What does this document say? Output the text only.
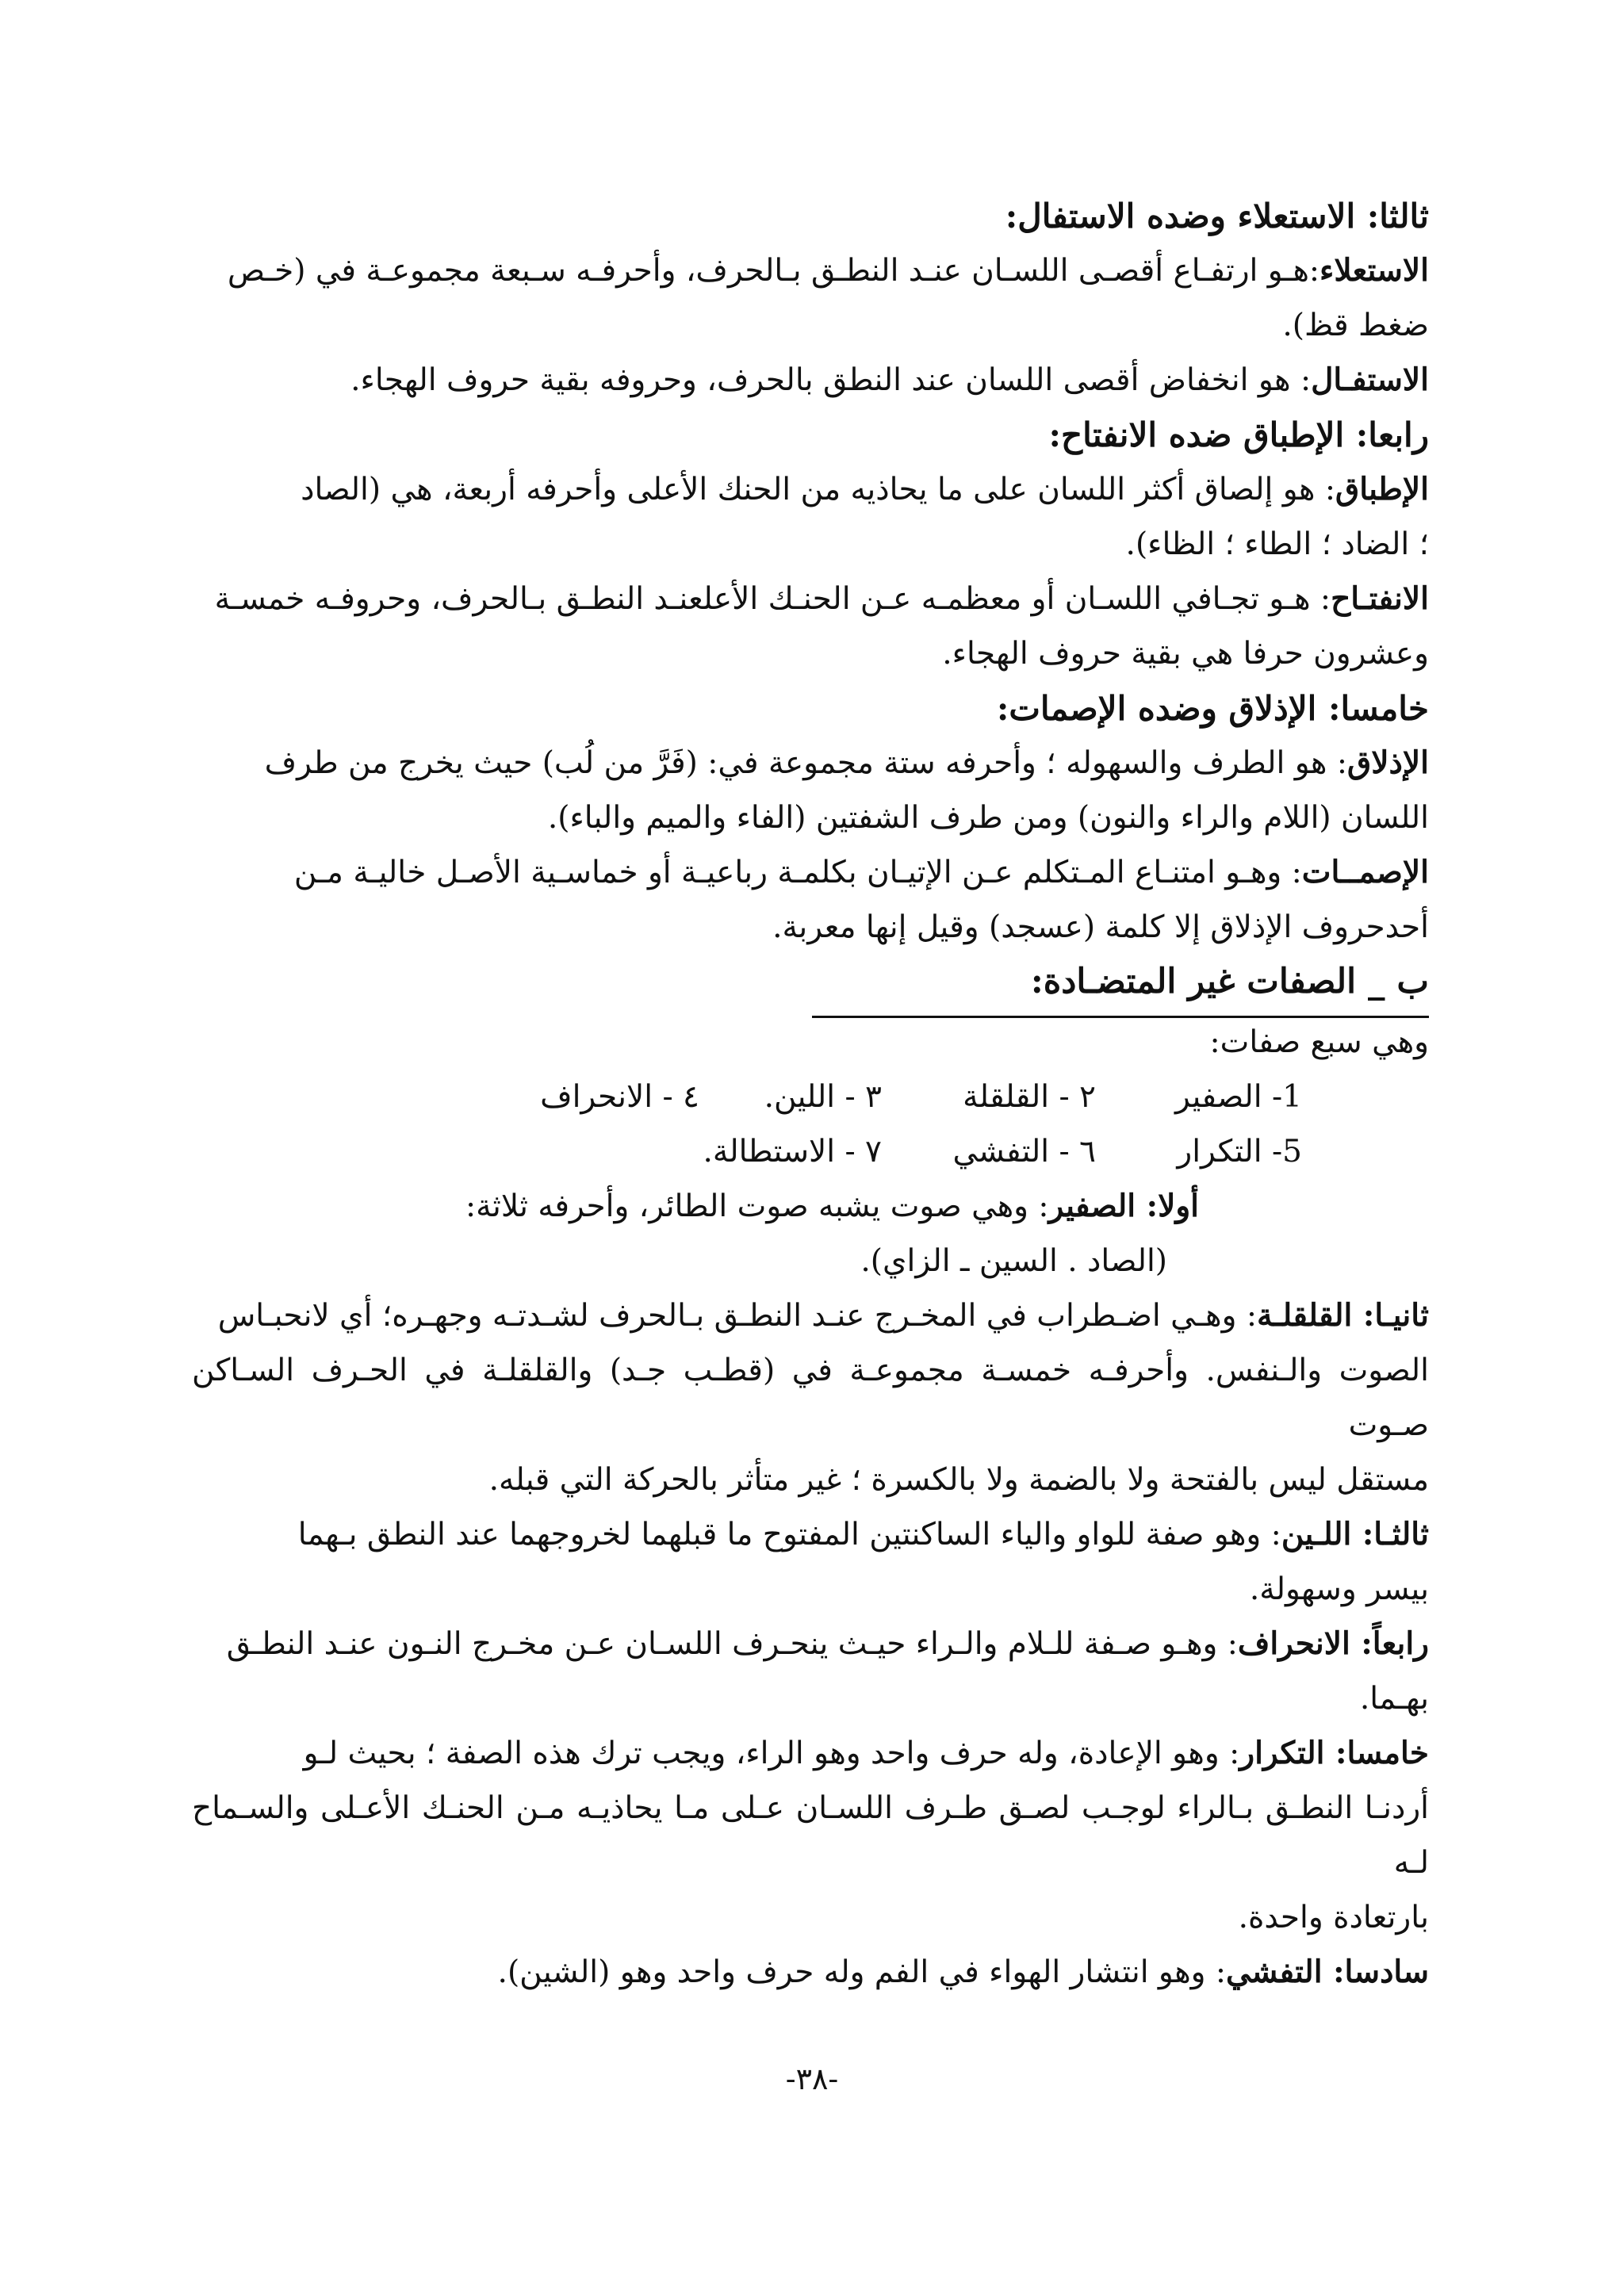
ثالثا: الاستعلاء وضده الاستفال:

الاستعلاء:هـو ارتفـاع أقصـى اللسـان عنـد النطـق بـالحرف، وأحرفـه سـبعة مجموعـة في (خـص

ضغط قظ).

الاستفـال: هو انخفاض أقصى اللسان عند النطق بالحرف، وحروفه بقية حروف الهجاء.

رابعا: الإطباق ضده الانفتاح:

الإطباق: هو إلصاق أكثر اللسان على ما يحاذيه من الحنك الأعلى وأحرفه أربعة، هي (الصاد

؛ الضاد ؛ الطاء ؛ الظاء).

الانفتـاح: هـو تجـافي اللسـان أو معظمـه عـن الحنـك الأعلعنـد النطـق بـالحرف، وحروفـه خمسـة

وعشرون حرفا هي بقية حروف الهجاء.

خامسا: الإذلاق وضده الإصمات:

الإذلاق: هو الطرف والسهوله ؛ وأحرفه ستة مجموعة في: (فَرَّ من لُب) حيث يخرج من طرف

اللسان (اللام والراء والنون) ومن طرف الشفتين (الفاء والميم والباء).

الإصمــات: وهـو امتنـاع المـتكلم عـن الإتيـان بكلمـة رباعيـة أو خماسـية الأصـل خاليـة مـن

أحدحروف الإذلاق إلا كلمة (عسجد) وقيل إنها معربة.

ب _ الصفات غير المتضـادة:

وهي سبع صفات:

1- الصفير
٢ - القلقلة
٣ - اللين.
٤ - الانحراف
5- التكرار
٦ - التفشي
٧ - الاستطالة.

أولا: الصفير: وهي صوت يشبه صوت الطائر، وأحرفه ثلاثة:

(الصاد . السين ـ الزاي).

ثانيـا: القلقلـة: وهـي اضـطراب في المخـرج عنـد النطـق بـالحرف لشـدتـه وجهـره؛ أي لانحبـاس

الصوت والـنفس. وأحرفـه خمسـة مجموعـة في (قطـب جـد) والقلقلـة في الحـرف السـاكن صـوت

مستقل ليس بالفتحة ولا بالضمة ولا بالكسرة ؛ غير متأثر بالحركة التي قبله.

ثالثـا: اللـين: وهو صفة للواو والياء الساكنتين المفتوح ما قبلهما لخروجهما عند النطق بـهما

بيسر وسهولة.

رابعاً: الانحراف: وهـو صـفة للـلام والـراء حيـث ينحـرف اللسـان عـن مخـرج النـون عنـد النطـق

بهـما.

خامسا: التكرار: وهو الإعادة، وله حرف واحد وهو الراء، ويجب ترك هذه الصفة ؛ بحيث لـو

أردنـا النطـق بـالراء لوجـب لصـق طـرف اللسـان عـلى مـا يحاذيـه مـن الحنـك الأعـلى والسـماح لـه

بارتعادة واحدة.

سادسا: التفشي: وهو انتشار الهواء في الفم وله حرف واحد وهو (الشين).

-٣٨-
